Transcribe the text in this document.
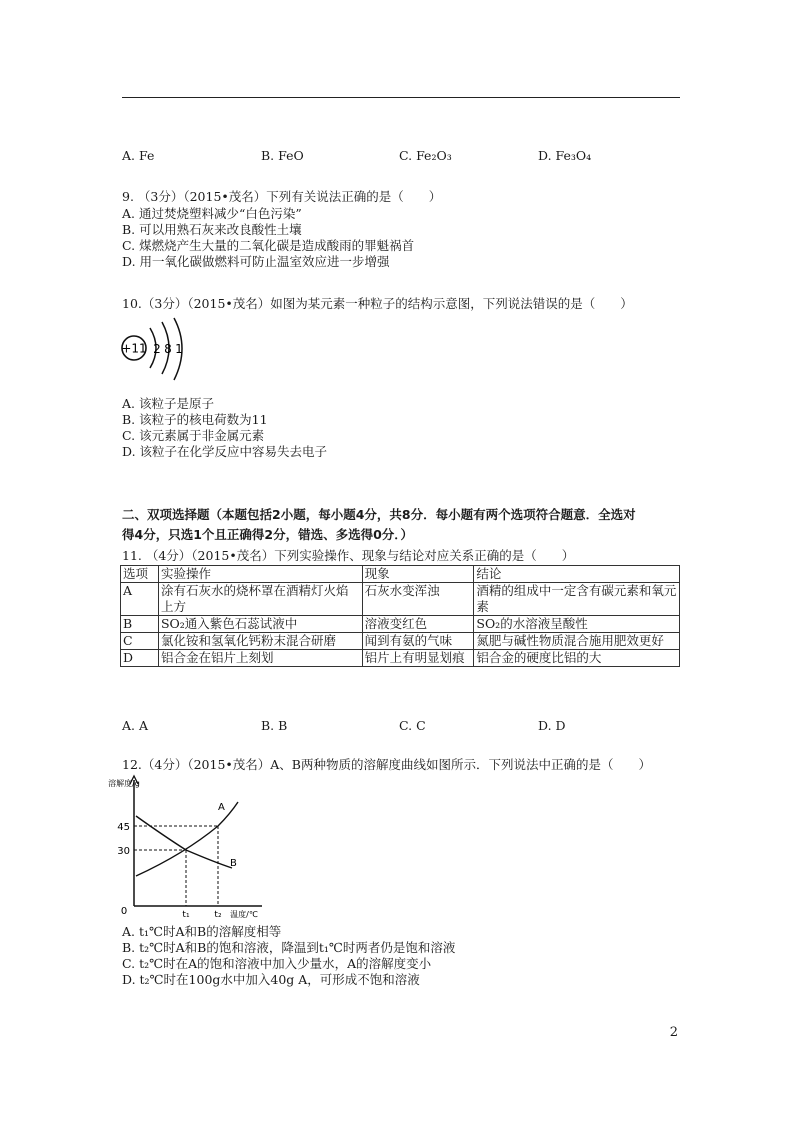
A. Fe	B. FeO	C. Fe₂O₃	D. Fe₃O₄
9. （3分）（2015•茂名）下列有关说法正确的是（　　）
A. 通过焚烧塑料减少“白色污染”
B. 可以用熟石灰来改良酸性土壤
C. 煤燃烧产生大量的二氧化碳是造成酸雨的罪魁祸首
D. 用一氧化碳做燃料可防止温室效应进一步增强
10.（3分）（2015•茂名）如图为某元素一种粒子的结构示意图，下列说法错误的是（　　）
+11 2 8 1
A. 该粒子是原子
B. 该粒子的核电荷数为11
C. 该元素属于非金属元素
D. 该粒子在化学反应中容易失去电子
二、双项选择题（本题包括2小题，每小题4分，共8分．每小题有两个选项符合题意．全选对
得4分，只选1个且正确得2分，错选、多选得0分．）
11. （4分）（2015•茂名）下列实验操作、现象与结论对应关系正确的是（　　）
选项	实验操作	现象	结论
A	涂有石灰水的烧杯罩在酒精灯火焰上方	石灰水变浑浊	酒精的组成中一定含有碳元素和氧元素
B	SO₂通入紫色石蕊试液中	溶液变红色	SO₂的水溶液呈酸性
C	氯化铵和氢氧化钙粉末混合研磨	闻到有氨的气味	氮肥与碱性物质混合施用肥效更好
D	铝合金在铝片上刻划	铝片上有明显划痕	铝合金的硬度比铝的大
A. A	B. B	C. C	D. D
12.（4分）（2015•茂名）A、B两种物质的溶解度曲线如图所示．下列说法中正确的是（　　）
溶解度/g
45
30
0	t₁	t₂ 温度/℃
A
B
A. t₁℃时A和B的溶解度相等
B. t₂℃时A和B的饱和溶液，降温到t₁℃时两者仍是饱和溶液
C. t₂℃时在A的饱和溶液中加入少量水，A的溶解度变小
D. t₂℃时在100g水中加入40g A，可形成不饱和溶液
2
